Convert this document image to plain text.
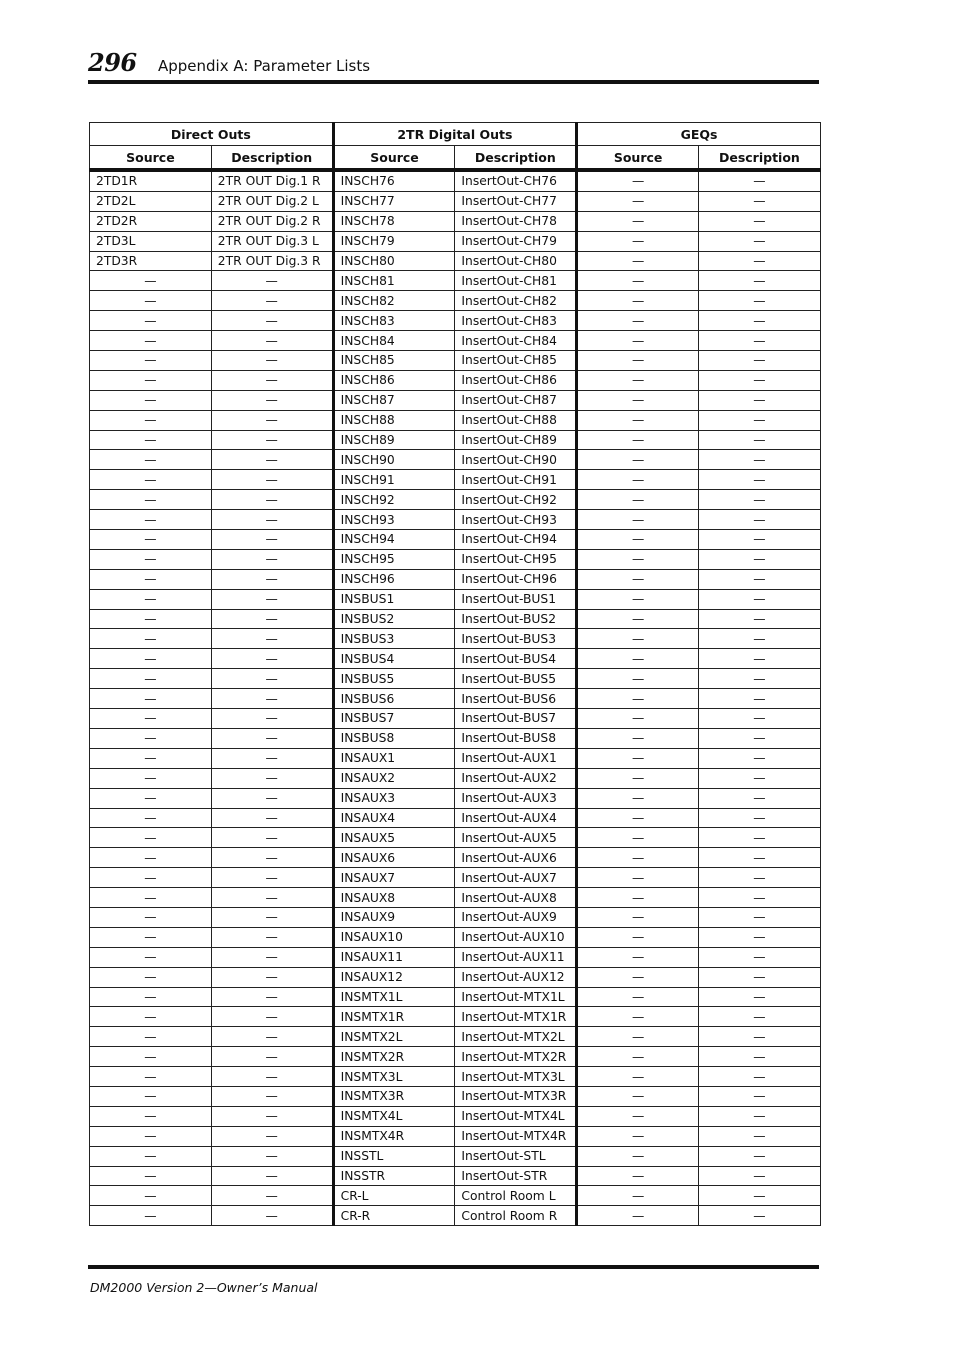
296 Appendix A: Parameter Lists
Direct Outs		2TR Digital Outs		GEQs	
Source	Description	Source	Description	Source	Description
2TD1R	2TR OUT Dig.1 R	INSCH76	InsertOut-CH76	—	—
2TD2L	2TR OUT Dig.2 L	INSCH77	InsertOut-CH77	—	—
2TD2R	2TR OUT Dig.2 R	INSCH78	InsertOut-CH78	—	—
2TD3L	2TR OUT Dig.3 L	INSCH79	InsertOut-CH79	—	—
2TD3R	2TR OUT Dig.3 R	INSCH80	InsertOut-CH80	—	—
—	—	INSCH81	InsertOut-CH81	—	—
—	—	INSCH82	InsertOut-CH82	—	—
—	—	INSCH83	InsertOut-CH83	—	—
—	—	INSCH84	InsertOut-CH84	—	—
—	—	INSCH85	InsertOut-CH85	—	—
—	—	INSCH86	InsertOut-CH86	—	—
—	—	INSCH87	InsertOut-CH87	—	—
—	—	INSCH88	InsertOut-CH88	—	—
—	—	INSCH89	InsertOut-CH89	—	—
—	—	INSCH90	InsertOut-CH90	—	—
—	—	INSCH91	InsertOut-CH91	—	—
—	—	INSCH92	InsertOut-CH92	—	—
—	—	INSCH93	InsertOut-CH93	—	—
—	—	INSCH94	InsertOut-CH94	—	—
—	—	INSCH95	InsertOut-CH95	—	—
—	—	INSCH96	InsertOut-CH96	—	—
—	—	INSBUS1	InsertOut-BUS1	—	—
—	—	INSBUS2	InsertOut-BUS2	—	—
—	—	INSBUS3	InsertOut-BUS3	—	—
—	—	INSBUS4	InsertOut-BUS4	—	—
—	—	INSBUS5	InsertOut-BUS5	—	—
—	—	INSBUS6	InsertOut-BUS6	—	—
—	—	INSBUS7	InsertOut-BUS7	—	—
—	—	INSBUS8	InsertOut-BUS8	—	—
—	—	INSAUX1	InsertOut-AUX1	—	—
—	—	INSAUX2	InsertOut-AUX2	—	—
—	—	INSAUX3	InsertOut-AUX3	—	—
—	—	INSAUX4	InsertOut-AUX4	—	—
—	—	INSAUX5	InsertOut-AUX5	—	—
—	—	INSAUX6	InsertOut-AUX6	—	—
—	—	INSAUX7	InsertOut-AUX7	—	—
—	—	INSAUX8	InsertOut-AUX8	—	—
—	—	INSAUX9	InsertOut-AUX9	—	—
—	—	INSAUX10	InsertOut-AUX10	—	—
—	—	INSAUX11	InsertOut-AUX11	—	—
—	—	INSAUX12	InsertOut-AUX12	—	—
—	—	INSMTX1L	InsertOut-MTX1L	—	—
—	—	INSMTX1R	InsertOut-MTX1R	—	—
—	—	INSMTX2L	InsertOut-MTX2L	—	—
—	—	INSMTX2R	InsertOut-MTX2R	—	—
—	—	INSMTX3L	InsertOut-MTX3L	—	—
—	—	INSMTX3R	InsertOut-MTX3R	—	—
—	—	INSMTX4L	InsertOut-MTX4L	—	—
—	—	INSMTX4R	InsertOut-MTX4R	—	—
—	—	INSSTL	InsertOut-STL	—	—
—	—	INSSTR	InsertOut-STR	—	—
—	—	CR-L	Control Room L	—	—
—	—	CR-R	Control Room R	—	—
DM2000 Version 2—Owner’s Manual
